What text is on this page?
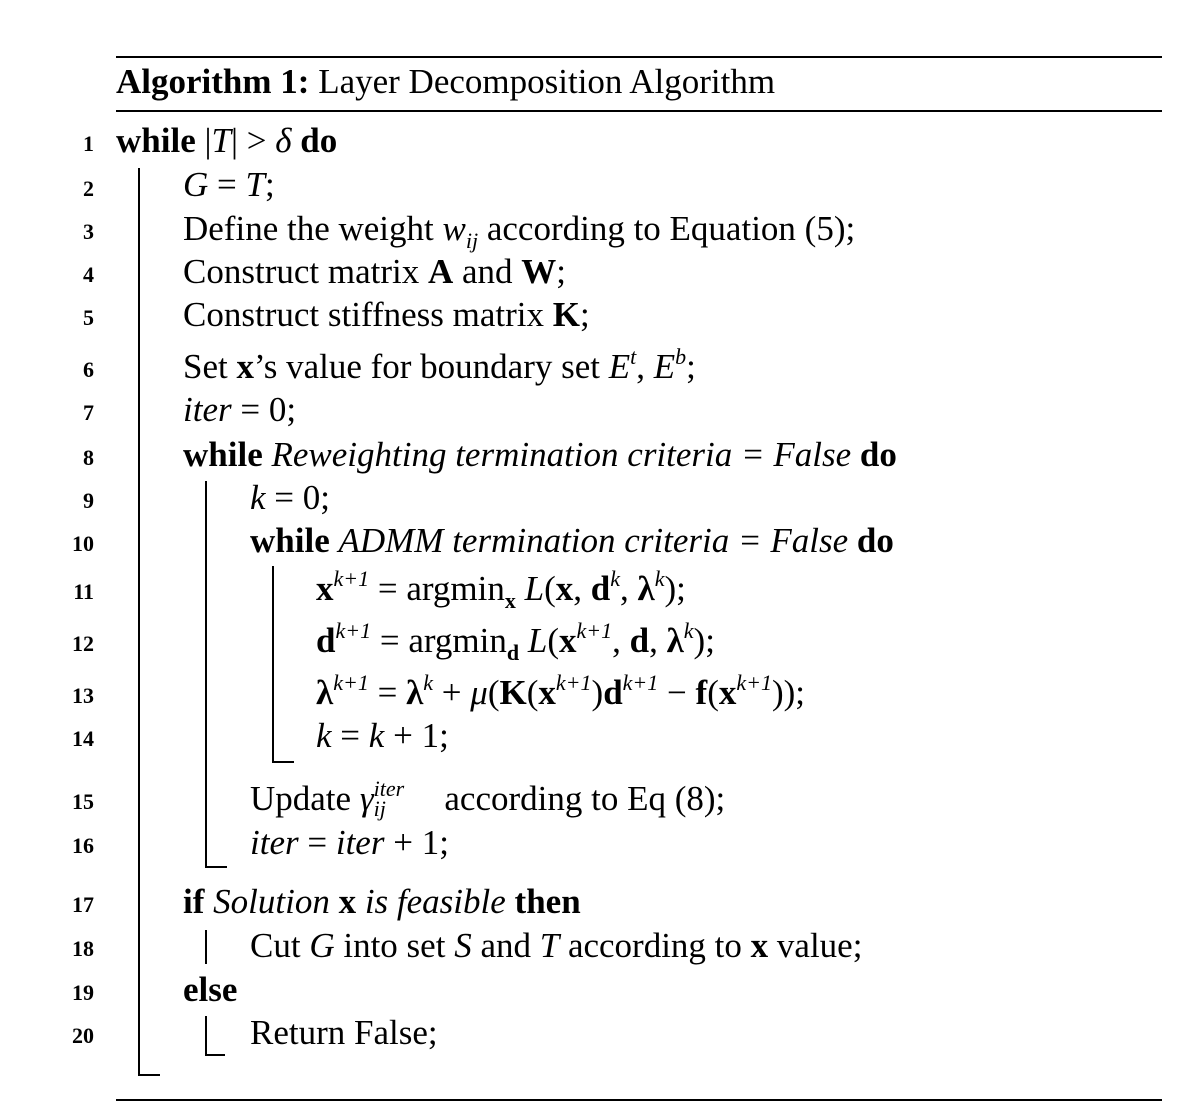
Algorithm 1: Layer Decomposition Algorithm
1
2
3
4
5
6
7
8
9
10
11
12
13
14
15
16
17
18
19
20
while |T| > δ do
G = T;
Define the weight $w_{ij}$ according to Equation (5);
Construct matrix A and W;
Construct stiffness matrix K;
Set x’s value for boundary set $E^t$, $E^b$;
iter = 0;
while Reweighting termination criteria = False do
k = 0;
while ADMM termination criteria = False do
$x^{k+1} = argmin_x$ L(x, $d^k$, $\lambda^k$);
$d^{k+1} = argmin_d$ $L(x^{k+1}$, d, $\lambda^k$);
$\lambda^{k+1} = \lambda^k + \mu(K(x^{k+1})d^{k+1} - f(x^{k+1}))$;
k = k + 1;
Update γ iter
ij according to Eq (8);
iter = iter + 1;
if Solution x is feasible then
Cut G into set S and T according to x value;
else
Return False;
